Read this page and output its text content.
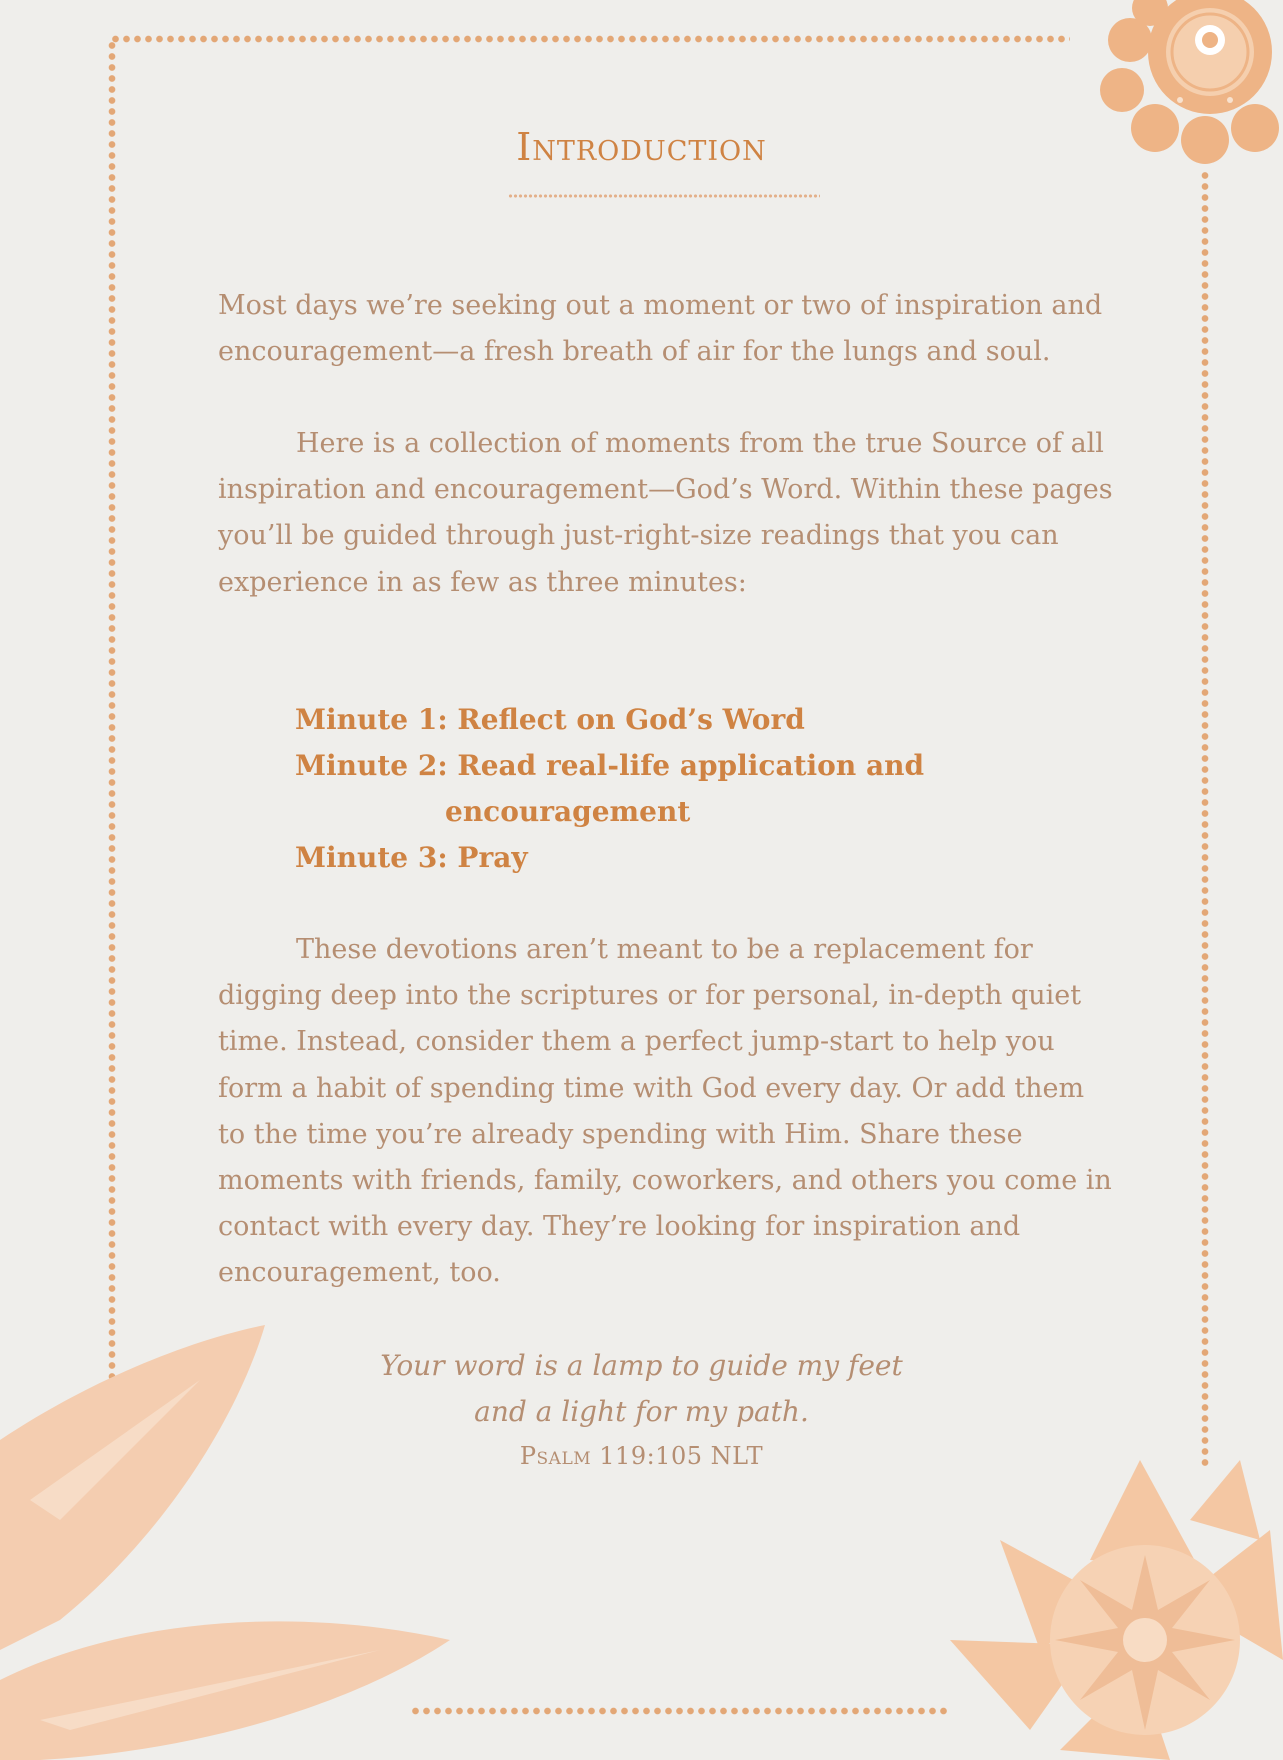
Introduction

Most days we’re seeking out a moment or two of inspiration and encouragement—a fresh breath of air for the lungs and soul.

Here is a collection of moments from the true Source of all inspiration and encouragement—God’s Word. Within these pages you’ll be guided through just-right-size readings that you can experience in as few as three minutes:

Minute 1: Reflect on God’s Word

Minute 2: Read real-life application and
encouragement

Minute 3: Pray

These devotions aren’t meant to be a replacement for digging deep into the scriptures or for personal, in-depth quiet time. Instead, consider them a perfect jump-start to help you form a habit of spending time with God every day. Or add them to the time you’re already spending with Him. Share these moments with friends, family, coworkers, and others you come in contact with every day. They’re looking for inspiration and encouragement, too.

Your word is a lamp to guide my feet
and a light for my path.

Psalm 119:105 NLT
